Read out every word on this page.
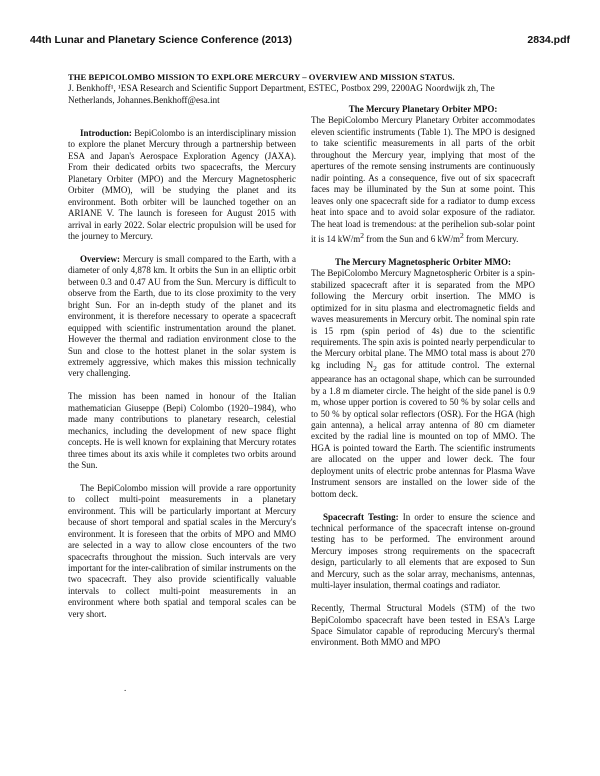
44th Lunar and Planetary Science Conference (2013)	2834.pdf
THE BEPICOLOMBO MISSION TO EXPLORE MERCURY – OVERVIEW AND MISSION STATUS.
J. Benkhoff¹, ¹ESA Research and Scientific Support Department, ESTEC, Postbox 299, 2200AG Noordwijk zh, The Netherlands, Johannes.Benkhoff@esa.int

Introduction: BepiColombo is an interdisciplinary mission to explore the planet Mercury through a partnership between ESA and Japan's Aerospace Exploration Agency (JAXA). From their dedicated orbits two spacecrafts, the Mercury Planetary Orbiter (MPO) and the Mercury Magnetospheric Orbiter (MMO), will be studying the planet and its environment. Both orbiter will be launched together on an ARIANE V. The launch is foreseen for August 2015 with arrival in early 2022. Solar electric propulsion will be used for the journey to Mercury.

Overview: Mercury is small compared to the Earth, with a diameter of only 4,878 km. It orbits the Sun in an elliptic orbit between 0.3 and 0.47 AU from the Sun. Mercury is difficult to observe from the Earth, due to its close proximity to the very bright Sun. For an in-depth study of the planet and its environment, it is therefore necessary to operate a spacecraft equipped with scientific instrumentation around the planet. However the thermal and radiation environment close to the Sun and close to the hottest planet in the solar system is extremely aggressive, which makes this mission technically very challenging.

The mission has been named in honour of the Italian mathematician Giuseppe (Bepi) Colombo (1920–1984), who made many contributions to planetary research, celestial mechanics, including the development of new space flight concepts. He is well known for explaining that Mercury rotates three times about its axis while it completes two orbits around the Sun.

The BepiColombo mission will provide a rare opportunity to collect multi-point measurements in a planetary environment. This will be particularly important at Mercury because of short temporal and spatial scales in the Mercury's environment. It is foreseen that the orbits of MPO and MMO are selected in a way to allow close encounters of the two spacecrafts throughout the mission. Such intervals are very important for the inter-calibration of similar instruments on the two spacecraft. They also provide scientifically valuable intervals to collect multi-point measurements in an environment where both spatial and temporal scales can be very short.

.

The Mercury Planetary Orbiter MPO:
The BepiColombo Mercury Planetary Orbiter accommodates eleven scientific instruments (Table 1). The MPO is designed to take scientific measurements in all parts of the orbit throughout the Mercury year, implying that most of the apertures of the remote sensing instruments are continuously nadir pointing. As a consequence, five out of six spacecraft faces may be illuminated by the Sun at some point. This leaves only one spacecraft side for a radiator to dump excess heat into space and to avoid solar exposure of the radiator. The heat load is tremendous: at the perihelion sub-solar point it is 14 $kW/m^2$ from the Sun and 6 $kW/m^2$ from Mercury.

The Mercury Magnetospheric Orbiter MMO:
The BepiColombo Mercury Magnetospheric Orbiter is a spin-stabilized spacecraft after it is separated from the MPO following the Mercury orbit insertion. The MMO is optimized for in situ plasma and electromagnetic fields and waves measurements in Mercury orbit. The nominal spin rate is 15 rpm (spin period of 4s) due to the scientific requirements. The spin axis is pointed nearly perpendicular to the Mercury orbital plane. The MMO total mass is about 270 kg including $N_2$ gas for attitude control. The external appearance has an octagonal shape, which can be surrounded by a 1.8 m diameter circle. The height of the side panel is 0.9 m, whose upper portion is covered to 50 % by solar cells and to 50 % by optical solar reflectors (OSR). For the HGA (high gain antenna), a helical array antenna of 80 cm diameter excited by the radial line is mounted on top of MMO. The HGA is pointed toward the Earth. The scientific instruments are allocated on the upper and lower deck. The four deployment units of electric probe antennas for Plasma Wave Instrument sensors are installed on the lower side of the bottom deck.

Spacecraft Testing: In order to ensure the science and technical performance of the spacecraft intense on-ground testing has to be performed. The environment around Mercury imposes strong requirements on the spacecraft design, particularly to all elements that are exposed to Sun and Mercury, such as the solar array, mechanisms, antennas, multi-layer insulation, thermal coatings and radiator.

Recently, Thermal Structural Models (STM) of the two BepiColombo spacecraft have been tested in ESA's Large Space Simulator capable of reproducing Mercury's thermal environment. Both MMO and MPO
